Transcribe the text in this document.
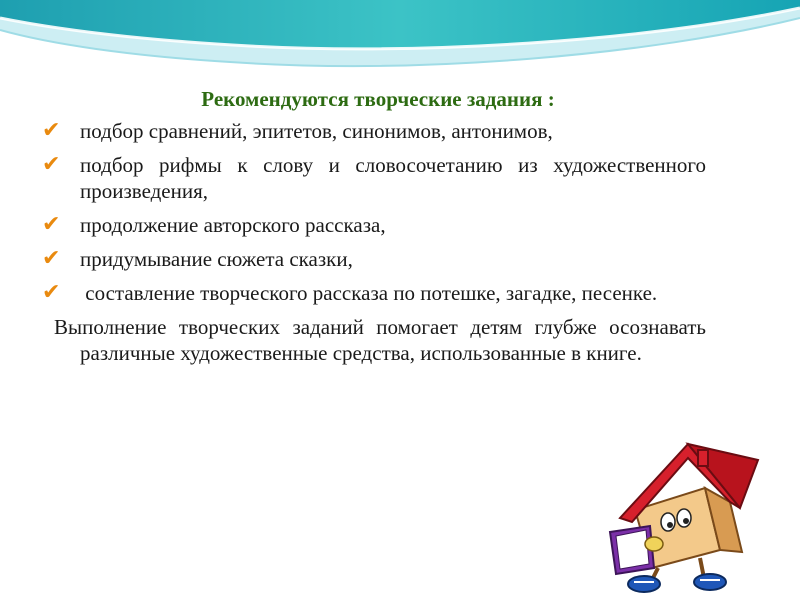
Рекомендуются творческие задания :
✔ подбор сравнений, эпитетов, синонимов, антонимов,
✔ подбор рифмы к слову и словосочетанию из художественного произведения,
✔ продолжение авторского рассказа,
✔ придумывание сюжета сказки,
✔ составление творческого рассказа по потешке, загадке, песенке.
Выполнение творческих заданий помогает детям глубже осознавать различные художественные средства, использованные в книге.
